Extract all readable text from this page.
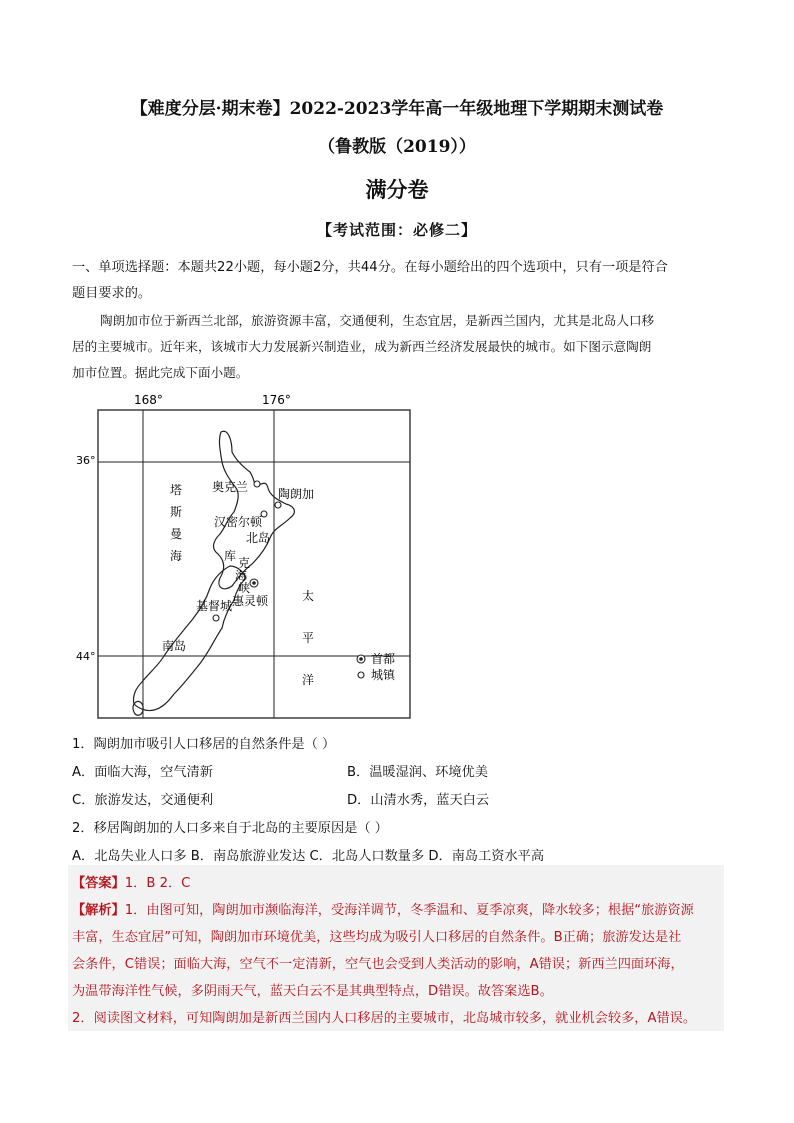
【难度分层·期末卷】2022-2023学年高一年级地理下学期期末测试卷
（鲁教版（2019））
满分卷
【考试范围：必修二】
一、单项选择题：本题共22小题，每小题2分，共44分。在每小题给出的四个选项中，只有一项是符合
题目要求的。
陶朗加市位于新西兰北部，旅游资源丰富，交通便利，生态宜居，是新西兰国内，尤其是北岛人口移
居的主要城市。近年来，该城市大力发展新兴制造业，成为新西兰经济发展最快的城市。如下图示意陶朗
加市位置。据此完成下面小题。
168°	176°
36°
44°
塔
斯
曼
海
太
平
洋
库 克
海
峡
奥克兰 陶朗加
汉密尔顿
北岛
惠灵顿
基督城
南岛
首都
城镇
1．陶朗加市吸引人口移居的自然条件是（ ）
A．面临大海，空气清新	B．温暖湿润、环境优美
C．旅游发达，交通便利	D．山清水秀，蓝天白云
2．移居陶朗加的人口多来自于北岛的主要原因是（ ）
A．北岛失业人口多 B．南岛旅游业发达 C．北岛人口数量多 D．南岛工资水平高
【答案】1．B 2．C
【解析】1．由图可知，陶朗加市濒临海洋，受海洋调节，冬季温和、夏季凉爽，降水较多；根据“旅游资源
丰富，生态宜居”可知，陶朗加市环境优美，这些均成为吸引人口移居的自然条件。B正确；旅游发达是社
会条件，C错误；面临大海，空气不一定清新，空气也会受到人类活动的影响，A错误；新西兰四面环海，
为温带海洋性气候，多阴雨天气，蓝天白云不是其典型特点，D错误。故答案选B。
2．阅读图文材料，可知陶朗加是新西兰国内人口移居的主要城市，北岛城市较多，就业机会较多，A错误。
